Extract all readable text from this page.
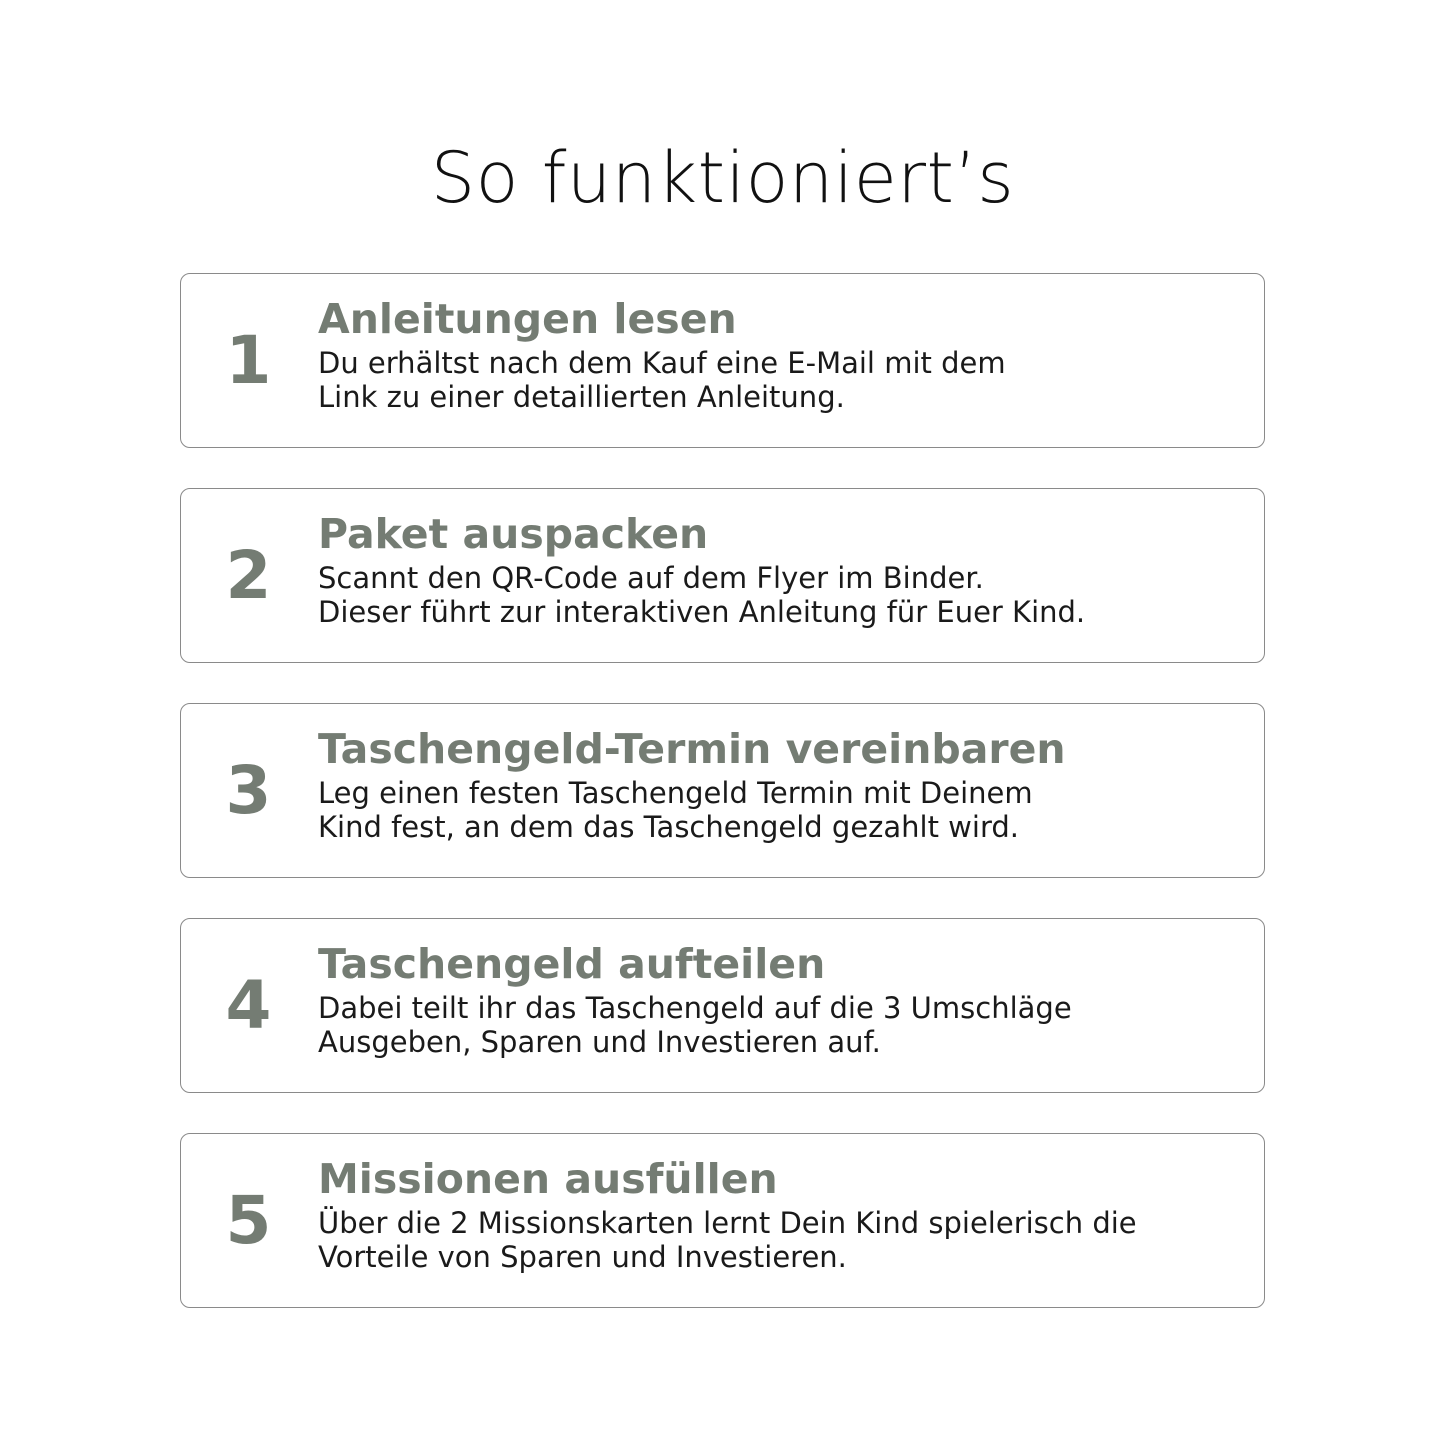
So funktioniert’s
1
Anleitungen lesen
Du erhältst nach dem Kauf eine E-Mail mit dem
Link zu einer detaillierten Anleitung.
2
Paket auspacken
Scannt den QR-Code auf dem Flyer im Binder.
Dieser führt zur interaktiven Anleitung für Euer Kind.
3
Taschengeld-Termin vereinbaren
Leg einen festen Taschengeld Termin mit Deinem
Kind fest, an dem das Taschengeld gezahlt wird.
4
Taschengeld aufteilen
Dabei teilt ihr das Taschengeld auf die 3 Umschläge
Ausgeben, Sparen und Investieren auf.
5
Missionen ausfüllen
Über die 2 Missionskarten lernt Dein Kind spielerisch die
Vorteile von Sparen und Investieren.
